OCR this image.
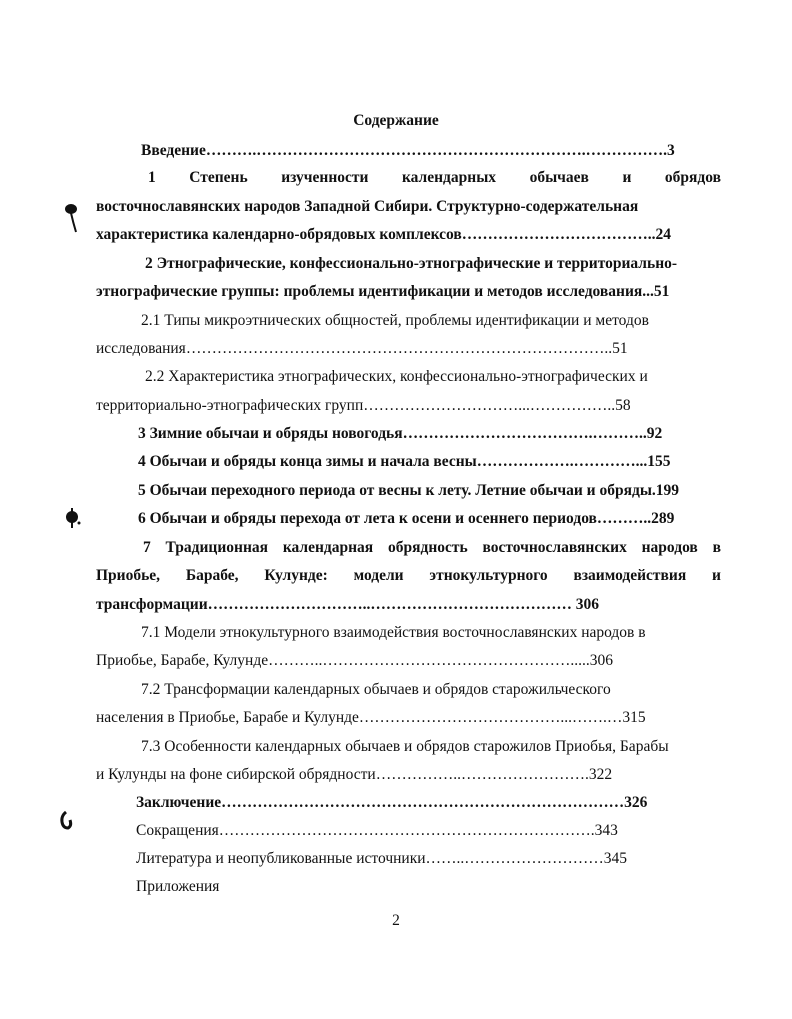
Содержание
Введение……….……………………………………………………….…………….3
1 Степень изученности календарных обычаев и обрядов
восточнославянских народов Западной Сибири. Структурно-содержательная
характеристика календарно-обрядовых комплексов………………………………..24
2 Этнографические, конфессионально-этнографические и территориально-
этнографические группы: проблемы идентификации и методов исследования...51
2.1 Типы микроэтнических общностей, проблемы идентификации и методов
исследования………………………………………………………………………..51
2.2 Характеристика этнографических, конфессионально-этнографических и
территориально-этнографических групп…………………………...……………..58
3 Зимние обычаи и обряды новогодья……………………………….………..92
4 Обычаи и обряды конца зимы и начала весны……………….…………...155
5 Обычаи переходного периода от весны к лету. Летние обычаи и обряды.199
6 Обычаи и обряды перехода от лета к осени и осеннего периодов………..289
7 Традиционная календарная обрядность восточнославянских народов в
Приобье, Барабе, Кулунде: модели этнокультурного взаимодействия и
трансформации…………………………..………………………………… 306
7.1 Модели этнокультурного взаимодействия восточнославянских народов в
Приобье, Барабе, Кулунде………..………………………………………….....306
7.2 Трансформации календарных обычаев и обрядов старожильческого
населения в Приобье, Барабе и Кулунде…………………………………...…….…315
7.3 Особенности календарных обычаев и обрядов старожилов Приобья, Барабы
и Кулунды на фоне сибирской обрядности……………..…………………….322
Заключение……………………………………………………………………326
Сокращения……………………………………………………………….343
Литература и неопубликованные источники……..………………………345
Приложения
2
